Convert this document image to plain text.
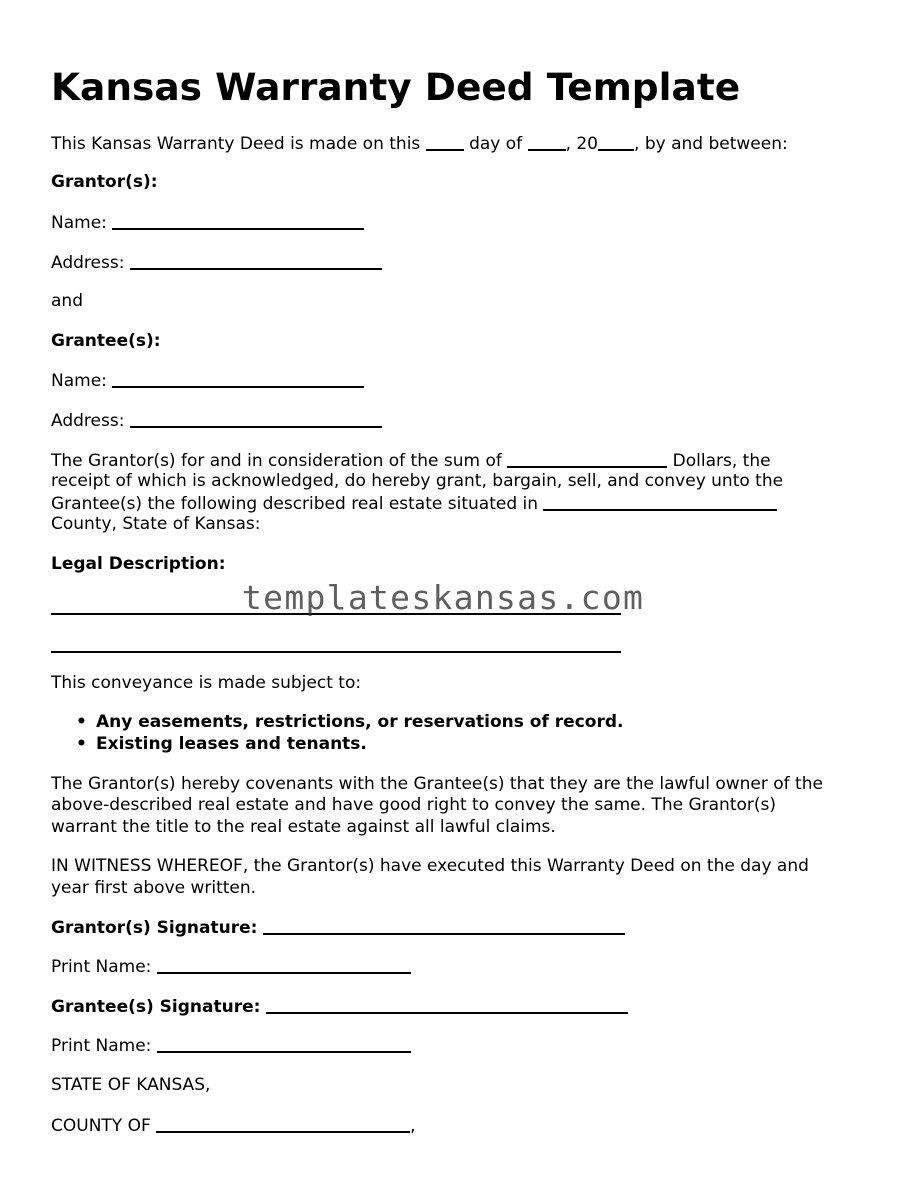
Kansas Warranty Deed Template

This Kansas Warranty Deed is made on this  day of , 20 , by and between:

Grantor(s):

Name:

Address:

and

Grantee(s):

Name:

Address:

The Grantor(s) for and in consideration of the sum of	Dollars, the

receipt of which is acknowledged, do hereby grant, bargain, sell, and convey unto the

Grantee(s) the following described real estate situated in

County, State of Kansas:

Legal Description:

templateskansas.com

This conveyance is made subject to:

• Any easements, restrictions, or reservations of record.
• Existing leases and tenants.

The Grantor(s) hereby covenants with the Grantee(s) that they are the lawful owner of the

above-described real estate and have good right to convey the same. The Grantor(s)

warrant the title to the real estate against all lawful claims.

IN WITNESS WHEREOF, the Grantor(s) have executed this Warranty Deed on the day and

year first above written.

Grantor(s) Signature:

Print Name:

Grantee(s) Signature:

Print Name:

STATE OF KANSAS,

COUNTY OF	,
